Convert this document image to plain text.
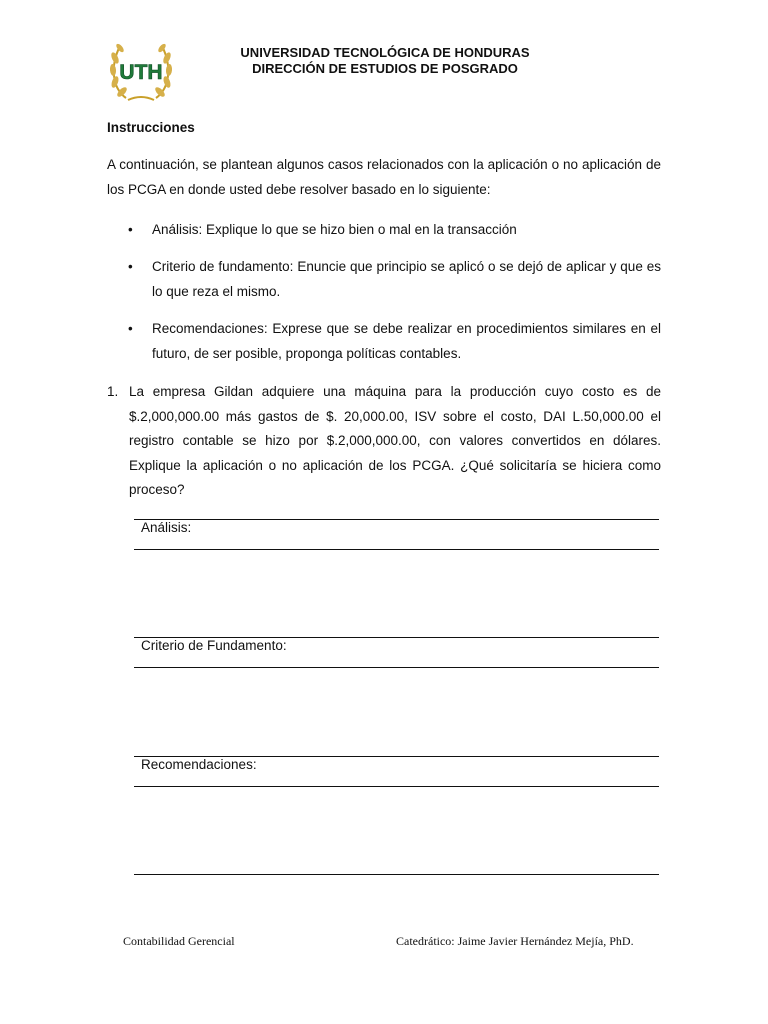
UTH
UNIVERSIDAD TECNOLÓGICA DE HONDURAS
DIRECCIÓN DE ESTUDIOS DE POSGRADO
Instrucciones
A continuación, se plantean algunos casos relacionados con la aplicación o no aplicación de los PCGA en donde usted debe resolver basado en lo siguiente:
• Análisis: Explique lo que se hizo bien o mal en la transacción
• Criterio de fundamento: Enuncie que principio se aplicó o se dejó de aplicar y que es lo que reza el mismo.
• Recomendaciones: Exprese que se debe realizar en procedimientos similares en el futuro, de ser posible, proponga políticas contables.
1. La empresa Gildan adquiere una máquina para la producción cuyo costo es de $.2,000,000.00 más gastos de $. 20,000.00, ISV sobre el costo, DAI L.50,000.00 el registro contable se hizo por $.2,000,000.00, con valores convertidos en dólares. Explique la aplicación o no aplicación de los PCGA. ¿Qué solicitaría se hiciera como proceso?
Análisis:
Criterio de Fundamento:
Recomendaciones:
Contabilidad Gerencial	Catedrático: Jaime Javier Hernández Mejía, PhD.
